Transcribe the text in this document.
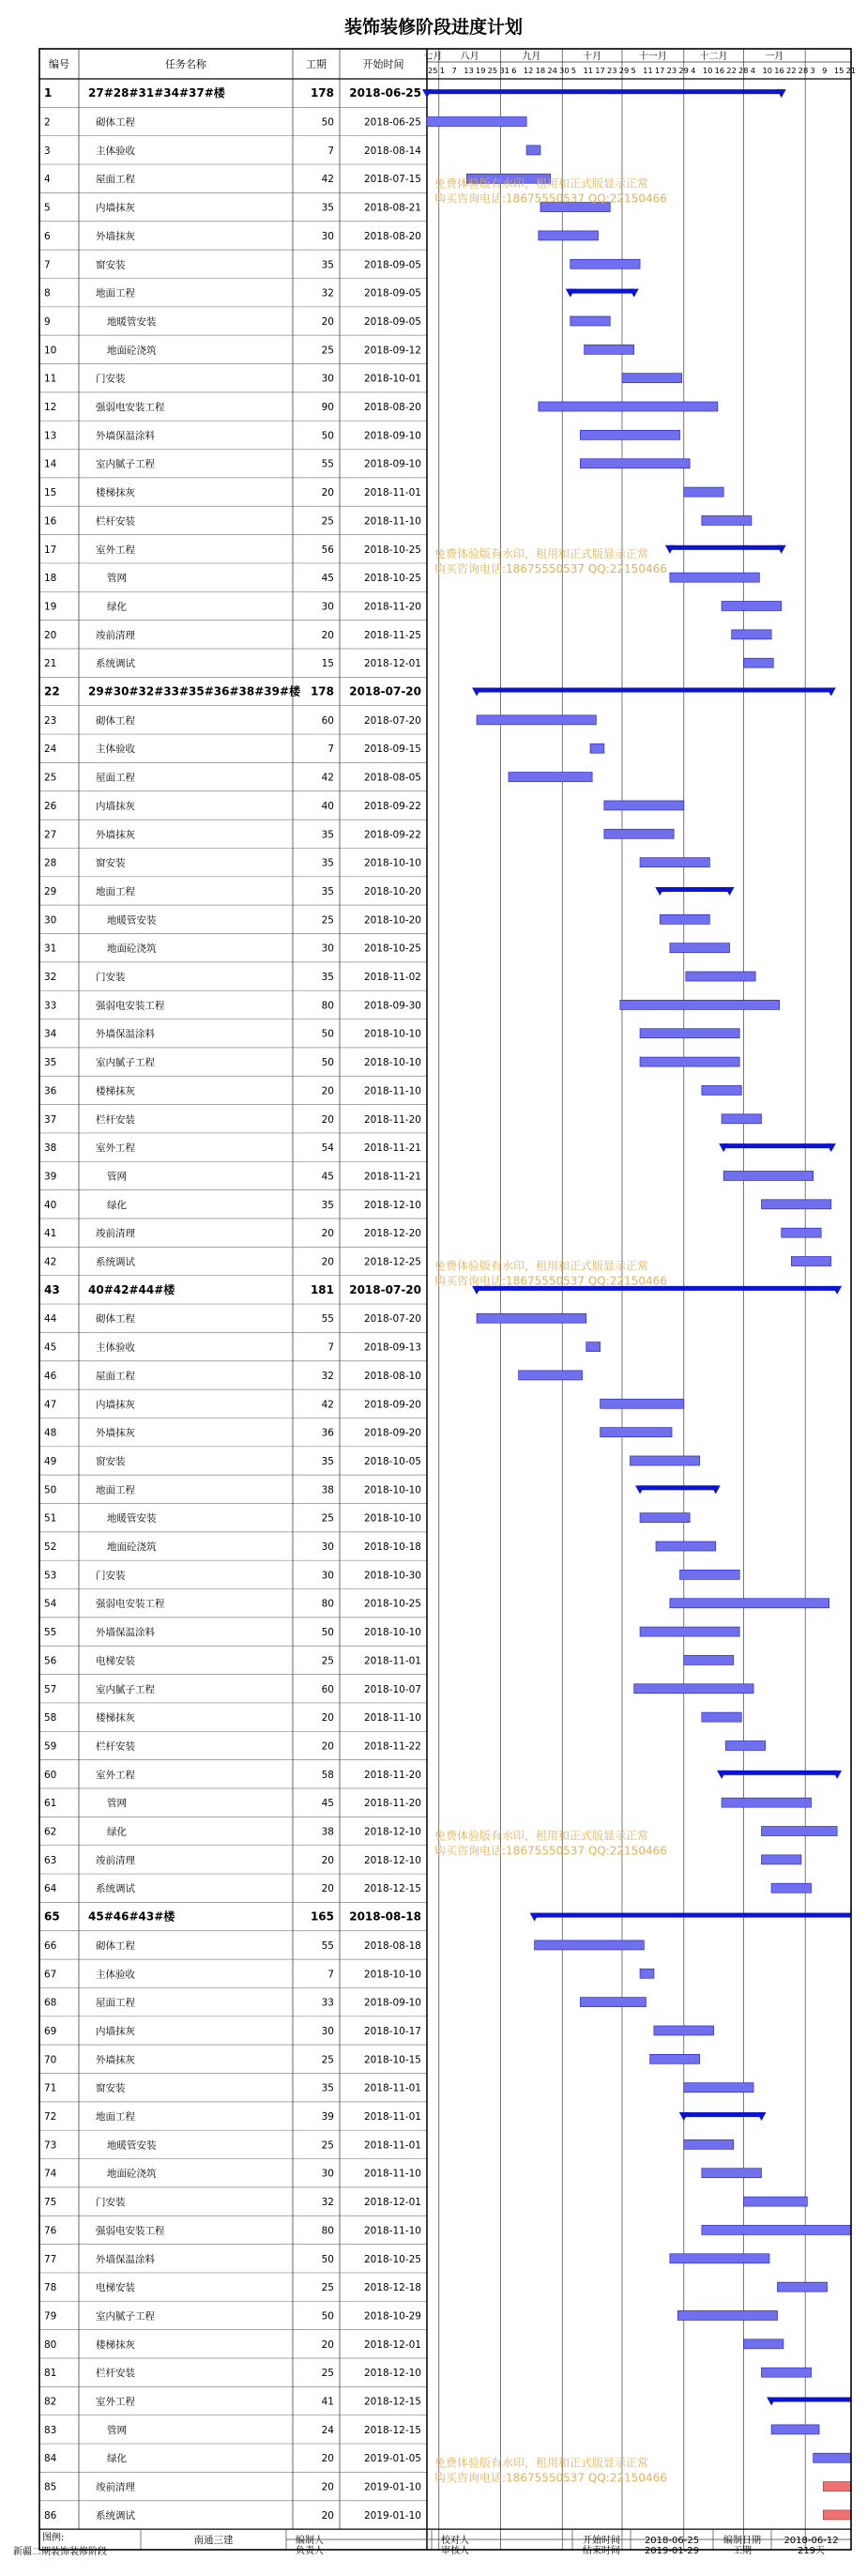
装饰装修阶段进度计划
编号	任务名称	工期	开始时间
七月 八月	九月	十月	十一月	十二月	一月
25 1 7 13 19 25 31 6 12 18 24 30 5 11 17 23 29 5 11 17 23 29 4 10 16 22 28 4 10 16 22 28 3 9 15 21
1	27#28#31#34#37#楼	178 2018-06-25
2	砌体工程	50	2018-06-25
3	主体验收	7	2018-08-14
4	屋面工程	42	2018-07-15
5	内墙抹灰	35	2018-08-21
6	外墙抹灰	30	2018-08-20
7	窗安装	35	2018-09-05
8	地面工程	32	2018-09-05
9	地暖管安装	20	2018-09-05
10	地面砼浇筑	25	2018-09-12
11	门安装	30	2018-10-01
12	强弱电安装工程	90	2018-08-20
13	外墙保温涂料	50	2018-09-10
14	室内腻子工程	55	2018-09-10
15	楼梯抹灰	20	2018-11-01
16	栏杆安装	25	2018-11-10
17	室外工程	56	2018-10-25
18	管网	45	2018-10-25
19	绿化	30	2018-11-20
20	竣前清理	20	2018-11-25
21	系统调试	15	2018-12-01
22	29#30#32#33#35#36#38#39#楼 178 2018-07-20
23	砌体工程	60	2018-07-20
24	主体验收	7	2018-09-15
25	屋面工程	42	2018-08-05
26	内墙抹灰	40	2018-09-22
27	外墙抹灰	35	2018-09-22
28	窗安装	35	2018-10-10
29	地面工程	35	2018-10-20
30	地暖管安装	25	2018-10-20
31	地面砼浇筑	30	2018-10-25
32	门安装	35	2018-11-02
33	强弱电安装工程	80	2018-09-30
34	外墙保温涂料	50	2018-10-10
35	室内腻子工程	50	2018-10-10
36	楼梯抹灰	20	2018-11-10
37	栏杆安装	20	2018-11-20
38	室外工程	54	2018-11-21
39	管网	45	2018-11-21
40	绿化	35	2018-12-10
41	竣前清理	20	2018-12-20
42	系统调试	20	2018-12-25
43	40#42#44#楼	181 2018-07-20
44	砌体工程	55	2018-07-20
45	主体验收	7	2018-09-13
46	屋面工程	32	2018-08-10
47	内墙抹灰	42	2018-09-20
48	外墙抹灰	36	2018-09-20
49	窗安装	35	2018-10-05
50	地面工程	38	2018-10-10
51	地暖管安装	25	2018-10-10
52	地面砼浇筑	30	2018-10-18
53	门安装	30	2018-10-30
54	强弱电安装工程	80	2018-10-25
55	外墙保温涂料	50	2018-10-10
56	电梯安装	25	2018-11-01
57	室内腻子工程	60	2018-10-07
58	楼梯抹灰	20	2018-11-10
59	栏杆安装	20	2018-11-22
60	室外工程	58	2018-11-20
61	管网	45	2018-11-20
62	绿化	38	2018-12-10
63	竣前清理	20	2018-12-10
64	系统调试	20	2018-12-15
65	45#46#43#楼	165 2018-08-18
66	砌体工程	55	2018-08-18
67	主体验收	7	2018-10-10
68	屋面工程	33	2018-09-10
69	内墙抹灰	30	2018-10-17
70	外墙抹灰	25	2018-10-15
71	窗安装	35	2018-11-01
72	地面工程	39	2018-11-01
73	地暖管安装	25	2018-11-01
74	地面砼浇筑	30	2018-11-10
75	门安装	32	2018-12-01
76	强弱电安装工程	80	2018-11-10
77	外墙保温涂料	50	2018-10-25
78	电梯安装	25	2018-12-18
79	室内腻子工程	50	2018-10-29
80	楼梯抹灰	20	2018-12-01
81	栏杆安装	25	2018-12-10
82	室外工程	41	2018-12-15
83	管网	24	2018-12-15
84	绿化	20	2019-01-05
85	竣前清理	20	2019-01-10
86	系统调试	20	2019-01-10
免费体验版有水印，租用和正式版显示正常
购买咨询电话:18675550537 QQ:22150466
免费体验版有水印，租用和正式版显示正常
购买咨询电话:18675550537 QQ:22150466
免费体验版有水印，租用和正式版显示正常
购买咨询电话:18675550537 QQ:22150466
免费体验版有水印，租用和正式版显示正常
购买咨询电话:18675550537 QQ:22150466
免费体验版有水印，租用和正式版显示正常
购买咨询电话:18675550537 QQ:22150466
图例:
新疆二期装饰装修阶段
南通三建	编制人
负责人
校对人
审核人
开始时间
结束时间
2018-06-25
2019-01-29
编制日期
工期
2018-06-12
219天
